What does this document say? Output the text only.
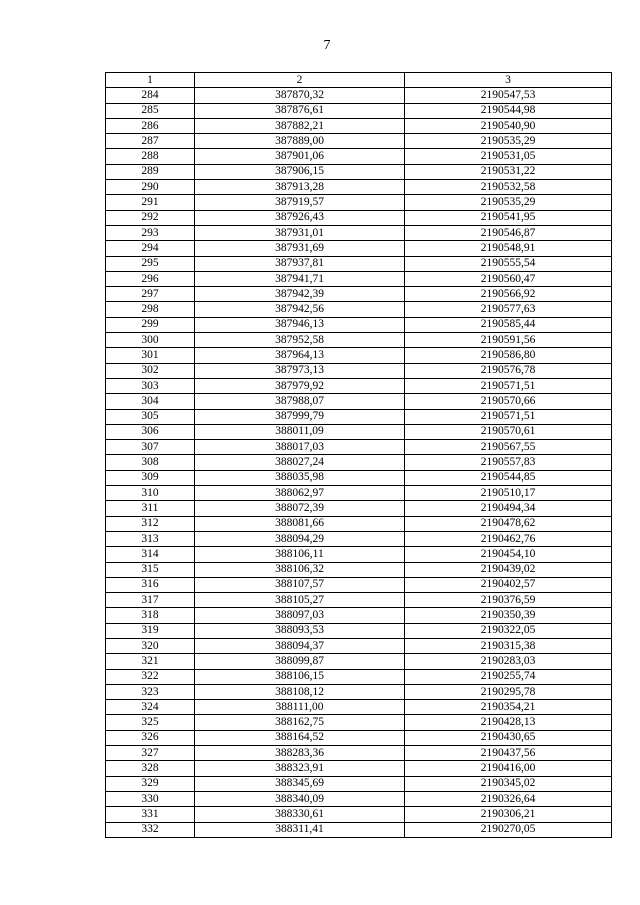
7
1	2	3
284	387870,32	2190547,53
285	387876,61	2190544,98
286	387882,21	2190540,90
287	387889,00	2190535,29
288	387901,06	2190531,05
289	387906,15	2190531,22
290	387913,28	2190532,58
291	387919,57	2190535,29
292	387926,43	2190541,95
293	387931,01	2190546,87
294	387931,69	2190548,91
295	387937,81	2190555,54
296	387941,71	2190560,47
297	387942,39	2190566,92
298	387942,56	2190577,63
299	387946,13	2190585,44
300	387952,58	2190591,56
301	387964,13	2190586,80
302	387973,13	2190576,78
303	387979,92	2190571,51
304	387988,07	2190570,66
305	387999,79	2190571,51
306	388011,09	2190570,61
307	388017,03	2190567,55
308	388027,24	2190557,83
309	388035,98	2190544,85
310	388062,97	2190510,17
311	388072,39	2190494,34
312	388081,66	2190478,62
313	388094,29	2190462,76
314	388106,11	2190454,10
315	388106,32	2190439,02
316	388107,57	2190402,57
317	388105,27	2190376,59
318	388097,03	2190350,39
319	388093,53	2190322,05
320	388094,37	2190315,38
321	388099,87	2190283,03
322	388106,15	2190255,74
323	388108,12	2190295,78
324	388111,00	2190354,21
325	388162,75	2190428,13
326	388164,52	2190430,65
327	388283,36	2190437,56
328	388323,91	2190416,00
329	388345,69	2190345,02
330	388340,09	2190326,64
331	388330,61	2190306,21
332	388311,41	2190270,05
